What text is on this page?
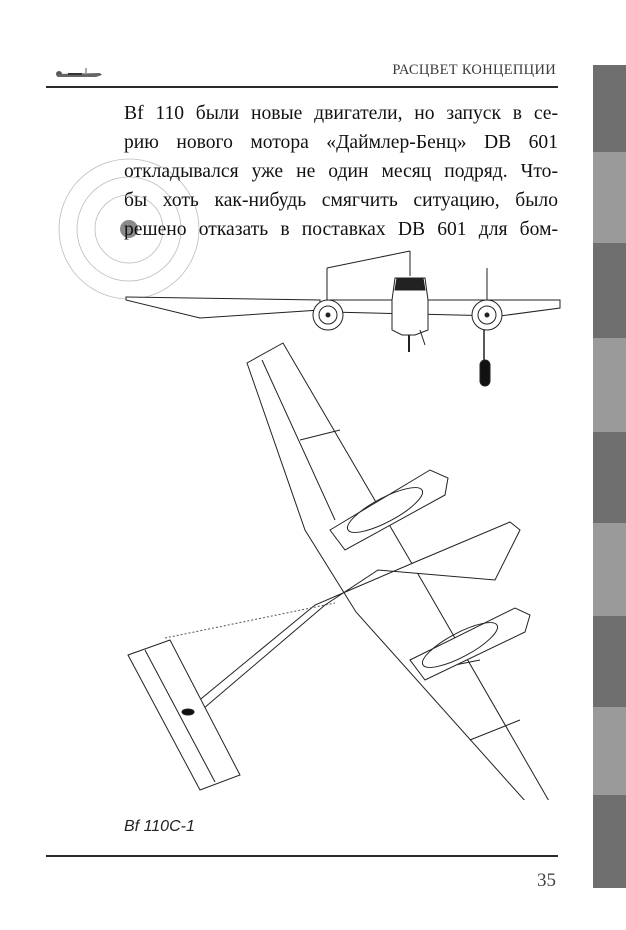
РАСЦВЕТ КОНЦЕПЦИИ
Bf 110 были новые двигатели, но запуск в се-
рию нового мотора «Даймлер-Бенц» DB 601
откладывался уже не один месяц подряд. Что-
бы хоть как-нибудь смягчить ситуацию, было
решено отказать в поставках DB 601 для бом-
Bf 110C-1
35
